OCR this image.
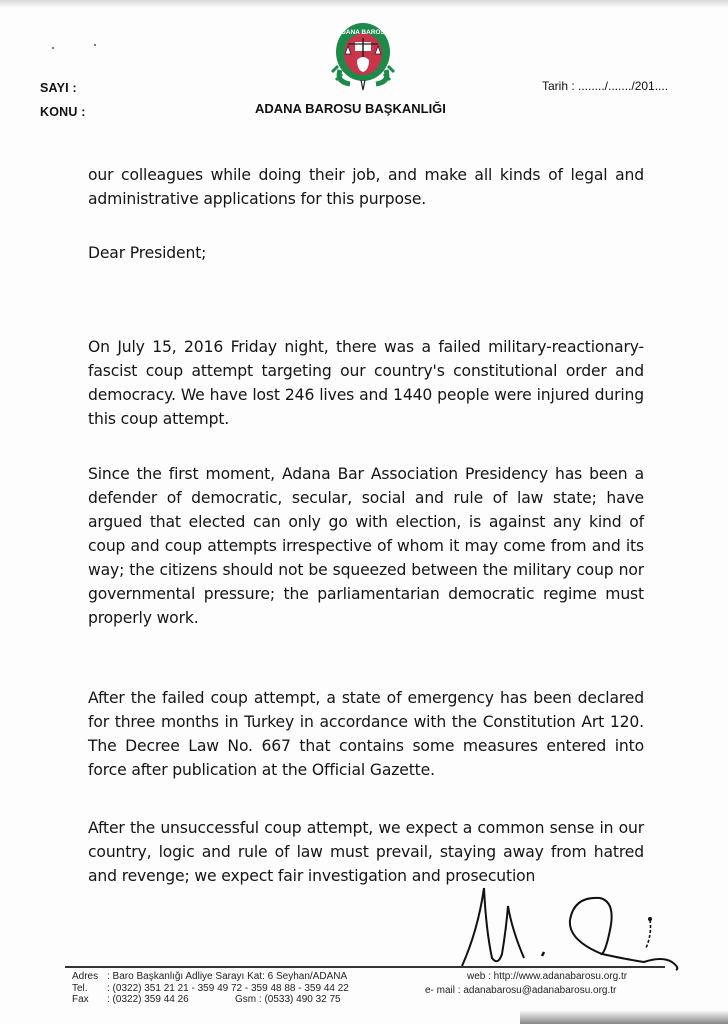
ADANA BAROSU
SAYI :
KONU :	ADANA BAROSU BAŞKANLIĞI
Tarih : ......../......./201....

our colleagues while doing their job, and make all kinds of legal and administrative applications for this purpose.

Dear President;

On July 15, 2016 Friday night, there was a failed military-reactionary-fascist coup attempt targeting our country's constitutional order and democracy. We have lost 246 lives and 1440 people were injured during this coup attempt.

Since the first moment, Adana Bar Association Presidency has been a defender of democratic, secular, social and rule of law state; have argued that elected can only go with election, is against any kind of coup and coup attempts irrespective of whom it may come from and its way; the citizens should not be squeezed between the military coup nor governmental pressure; the parliamentarian democratic regime must properly work.

After the failed coup attempt, a state of emergency has been declared for three months in Turkey in accordance with the Constitution Art 120. The Decree Law No. 667 that contains some measures entered into force after publication at the Official Gazette.

After the unsuccessful coup attempt, we expect a common sense in our country, logic and rule of law must prevail, staying away from hatred and revenge; we expect fair investigation and prosecution

Adres : Baro Başkanlığı Adliye Sarayı Kat: 6 Seyhan/ADANA
Tel. : (0322) 351 21 21 - 359 49 72 - 359 48 88 - 359 44 22
Fax : (0322) 359 44 26	Gsm : (0533) 490 32 75
web : http://www.adanabarosu.org.tr
e- mail : adanabarosu@adanabarosu.org.tr
